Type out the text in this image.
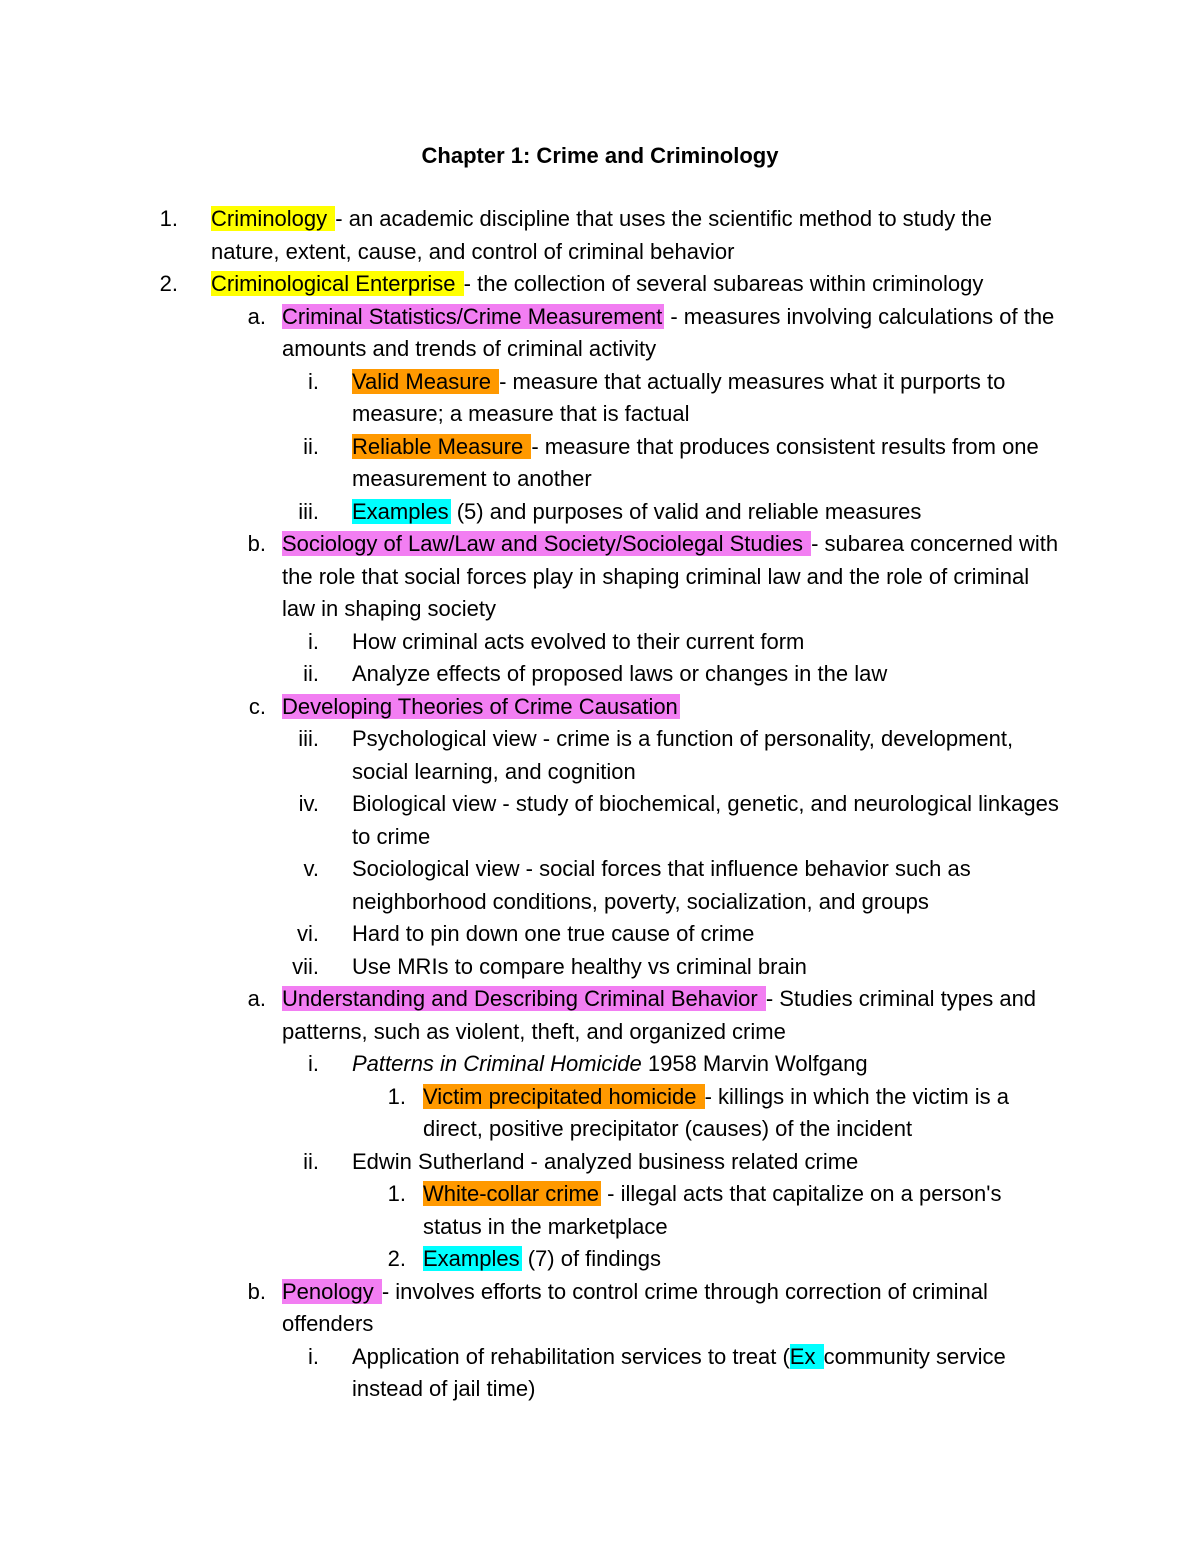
Chapter 1: Crime and Criminology
1. Criminology - an academic discipline that uses the scientific method to study the nature, extent, cause, and control of criminal behavior
2. Criminological Enterprise - the collection of several subareas within criminology
a. Criminal Statistics/Crime Measurement - measures involving calculations of the amounts and trends of criminal activity
i. Valid Measure - measure that actually measures what it purports to measure; a measure that is factual
ii. Reliable Measure - measure that produces consistent results from one measurement to another
iii. Examples (5) and purposes of valid and reliable measures
b. Sociology of Law/Law and Society/Sociolegal Studies - subarea concerned with the role that social forces play in shaping criminal law and the role of criminal law in shaping society
i. How criminal acts evolved to their current form
ii. Analyze effects of proposed laws or changes in the law
c. Developing Theories of Crime Causation
iii. Psychological view - crime is a function of personality, development, social learning, and cognition
iv. Biological view - study of biochemical, genetic, and neurological linkages to crime
v. Sociological view - social forces that influence behavior such as neighborhood conditions, poverty, socialization, and groups
vi. Hard to pin down one true cause of crime
vii. Use MRIs to compare healthy vs criminal brain
a. Understanding and Describing Criminal Behavior - Studies criminal types and patterns, such as violent, theft, and organized crime
i. Patterns in Criminal Homicide 1958 Marvin Wolfgang
1. Victim precipitated homicide - killings in which the victim is a direct, positive precipitator (causes) of the incident
ii. Edwin Sutherland - analyzed business related crime
1. White-collar crime - illegal acts that capitalize on a person's status in the marketplace
2. Examples (7) of findings
b. Penology - involves efforts to control crime through correction of criminal offenders
i. Application of rehabilitation services to treat (Ex community service instead of jail time)
